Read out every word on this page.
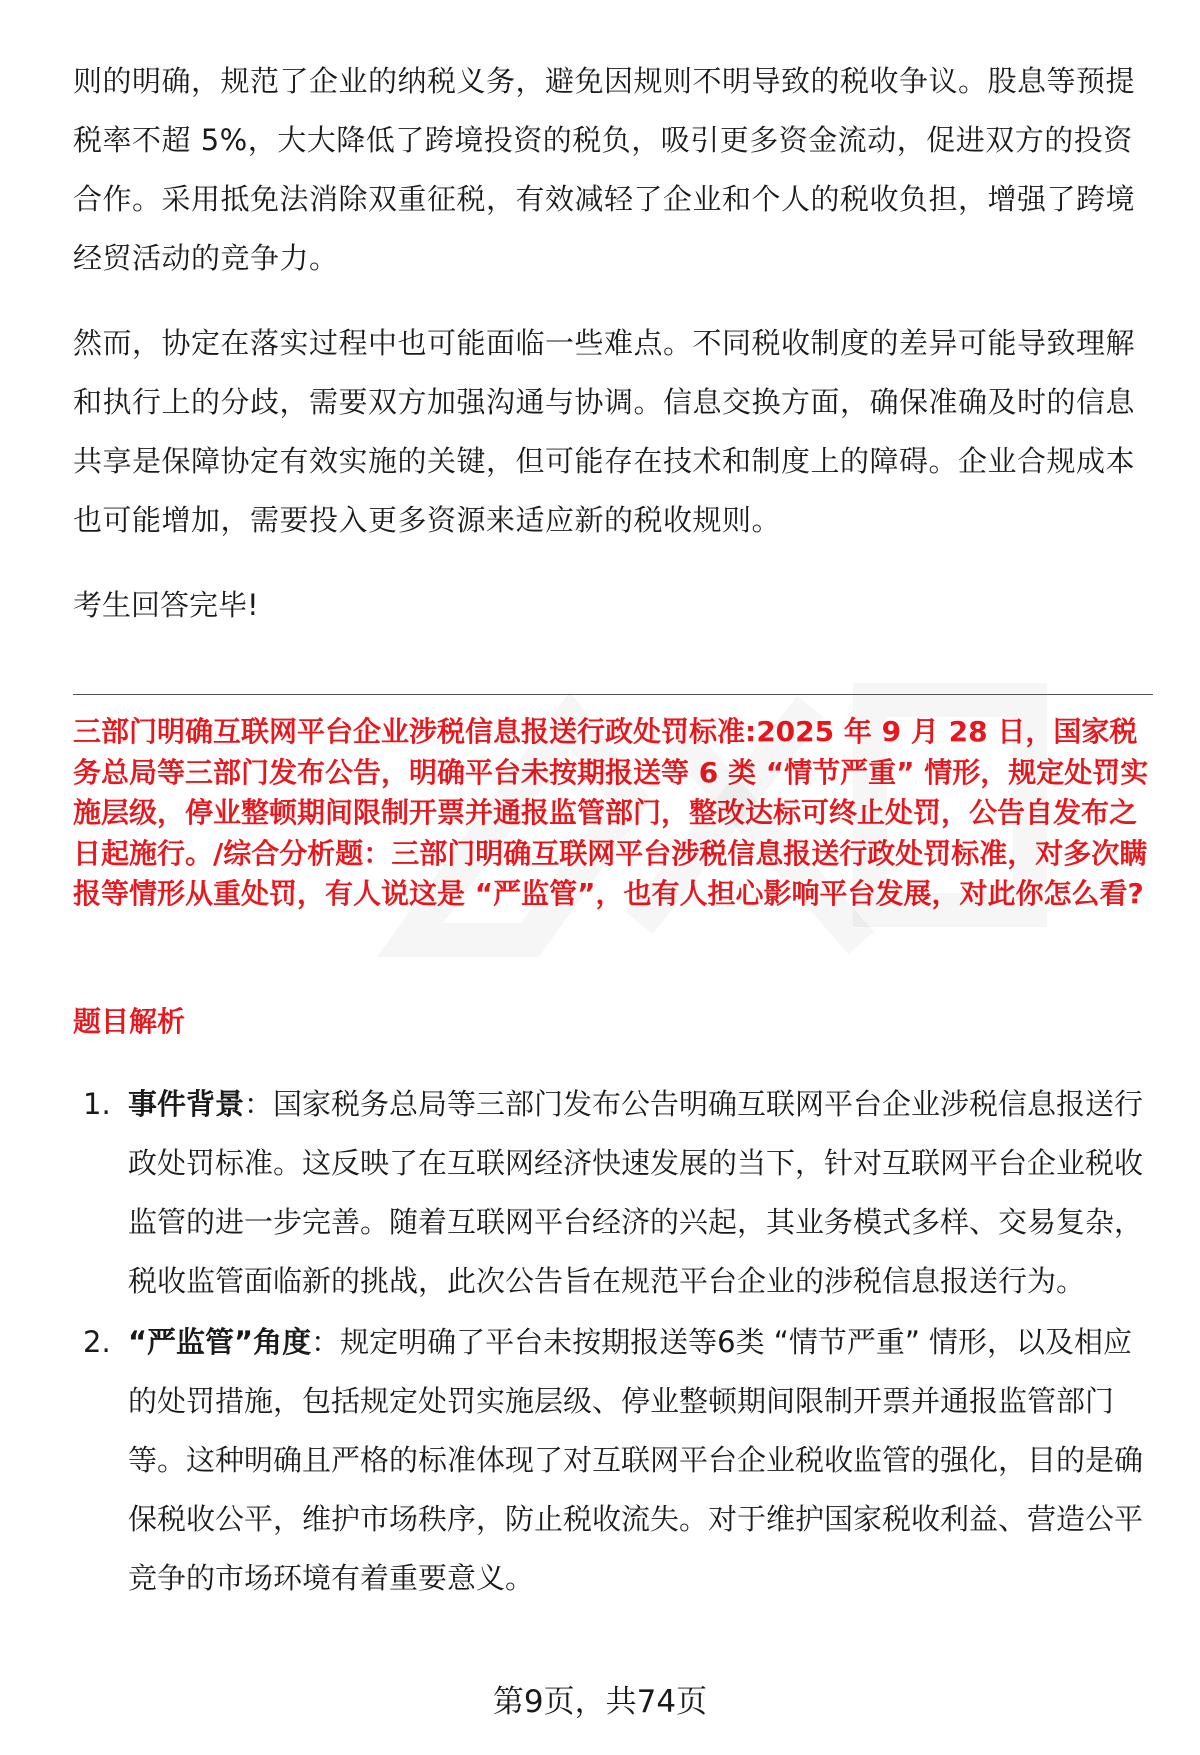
则的明确，规范了企业的纳税义务，避免因规则不明导致的税收争议。股息等预提税率不超 5%，大大降低了跨境投资的税负，吸引更多资金流动，促进双方的投资合作。采用抵免法消除双重征税，有效减轻了企业和个人的税收负担，增强了跨境经贸活动的竞争力。

然而，协定在落实过程中也可能面临一些难点。不同税收制度的差异可能导致理解和执行上的分歧，需要双方加强沟通与协调。信息交换方面，确保准确及时的信息共享是保障协定有效实施的关键，但可能存在技术和制度上的障碍。企业合规成本也可能增加，需要投入更多资源来适应新的税收规则。

考生回答完毕!

三部门明确互联网平台企业涉税信息报送行政处罚标准:2025 年 9 月 28 日，国家税务总局等三部门发布公告，明确平台未按期报送等 6 类 “情节严重” 情形，规定处罚实施层级，停业整顿期间限制开票并通报监管部门，整改达标可终止处罚，公告自发布之日起施行。/综合分析题：三部门明确互联网平台涉税信息报送行政处罚标准，对多次瞒报等情形从重处罚，有人说这是 “严监管”，也有人担心影响平台发展，对此你怎么看?

题目解析

1. 事件背景：国家税务总局等三部门发布公告明确互联网平台企业涉税信息报送行政处罚标准。这反映了在互联网经济快速发展的当下，针对互联网平台企业税收监管的进一步完善。随着互联网平台经济的兴起，其业务模式多样、交易复杂，税收监管面临新的挑战，此次公告旨在规范平台企业的涉税信息报送行为。
2. “严监管”角度：规定明确了平台未按期报送等6类 “情节严重” 情形，以及相应的处罚措施，包括规定处罚实施层级、停业整顿期间限制开票并通报监管部门等。这种明确且严格的标准体现了对互联网平台企业税收监管的强化，目的是确保税收公平，维护市场秩序，防止税收流失。对于维护国家税收利益、营造公平竞争的市场环境有着重要意义。
第9页，共74页
